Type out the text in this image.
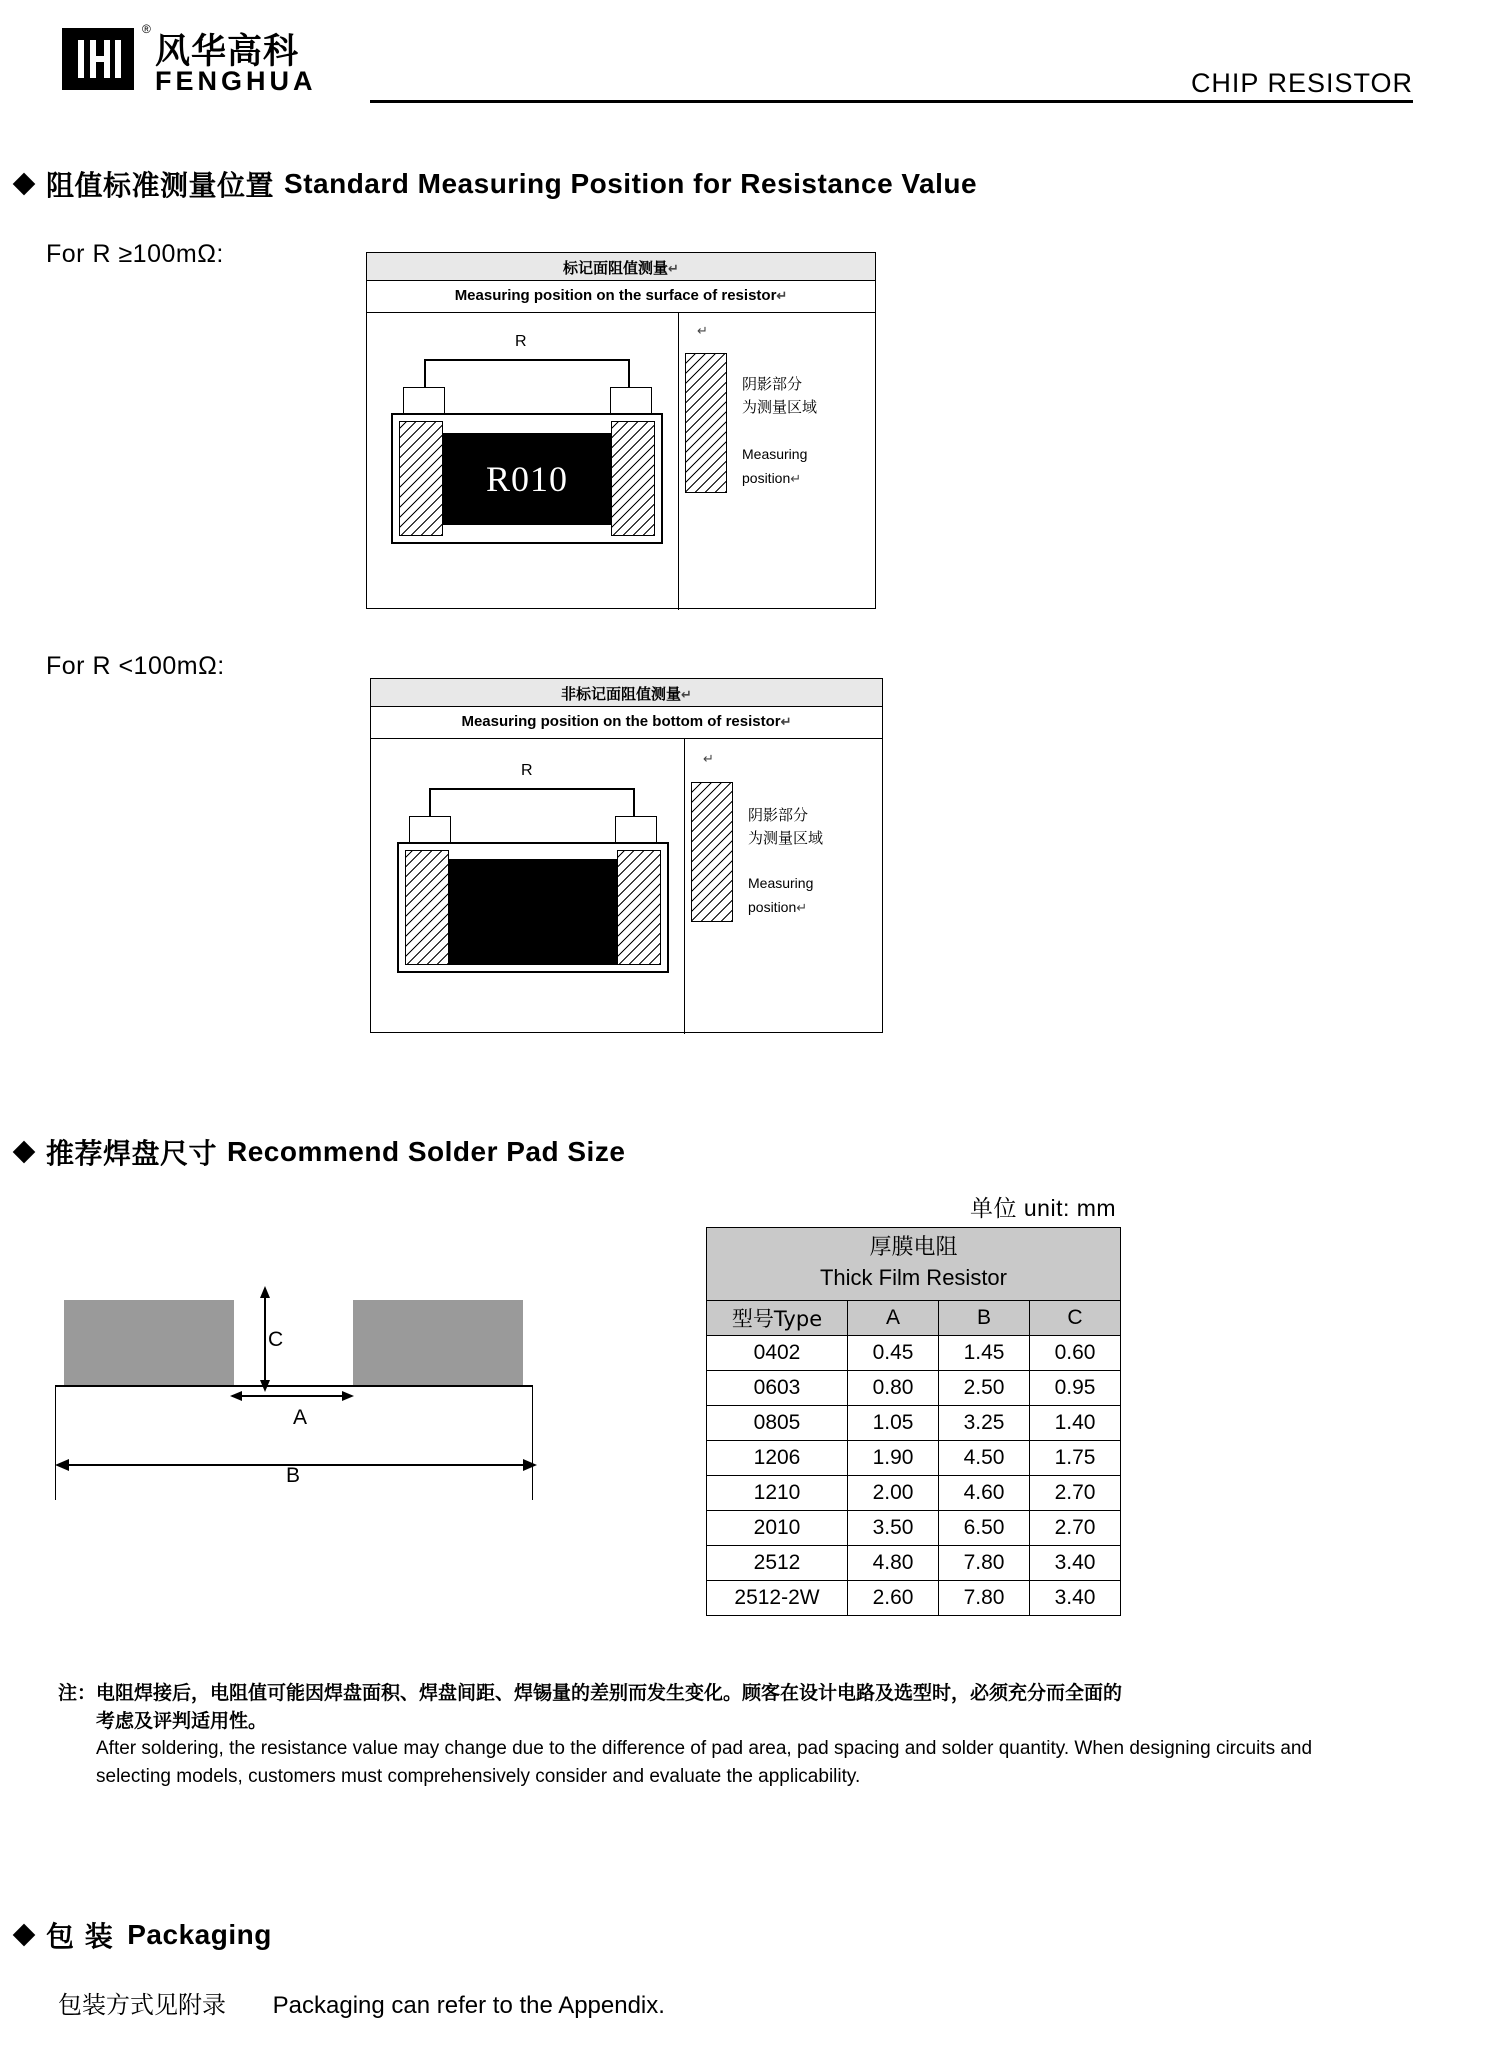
®
风华高科
FENGHUA	CHIP RESISTOR
阻值标准测量位置 Standard Measuring Position for Resistance Value
For R ≥100mΩ:	标记面阻值测量↵
Measuring position on the surface of resistor↵
R
R010
↵
阴影部分
为测量区域
Measuring
position↵
For R <100mΩ:
非标记面阻值测量↵
Measuring position on the bottom of resistor↵
R
↵
阴影部分
为测量区域
Measuring
position↵
推荐焊盘尺寸 Recommend Solder Pad Size
单位 unit: mm
C
A
B
厚膜电阻
Thick Film Resistor			
型号Type	A	B	C
0402	0.45	1.45	0.60
0603	0.80	2.50	0.95
0805	1.05	3.25	1.40
1206	1.90	4.50	1.75
1210	2.00	4.60	2.70
2010	3.50	6.50	2.70
2512	4.80	7.80	3.40
2512-2W	2.60	7.80	3.40
注：电阻焊接后，电阻值可能因焊盘面积、焊盘间距、焊锡量的差别而发生变化。顾客在设计电路及选型时，必须充分而全面的
考虑及评判适用性。
After soldering, the resistance value may change due to the difference of pad area, pad spacing and solder quantity. When designing circuits and selecting models, customers must comprehensively consider and evaluate the applicability.
包 装 Packaging
包装方式见附录 Packaging can refer to the Appendix.
